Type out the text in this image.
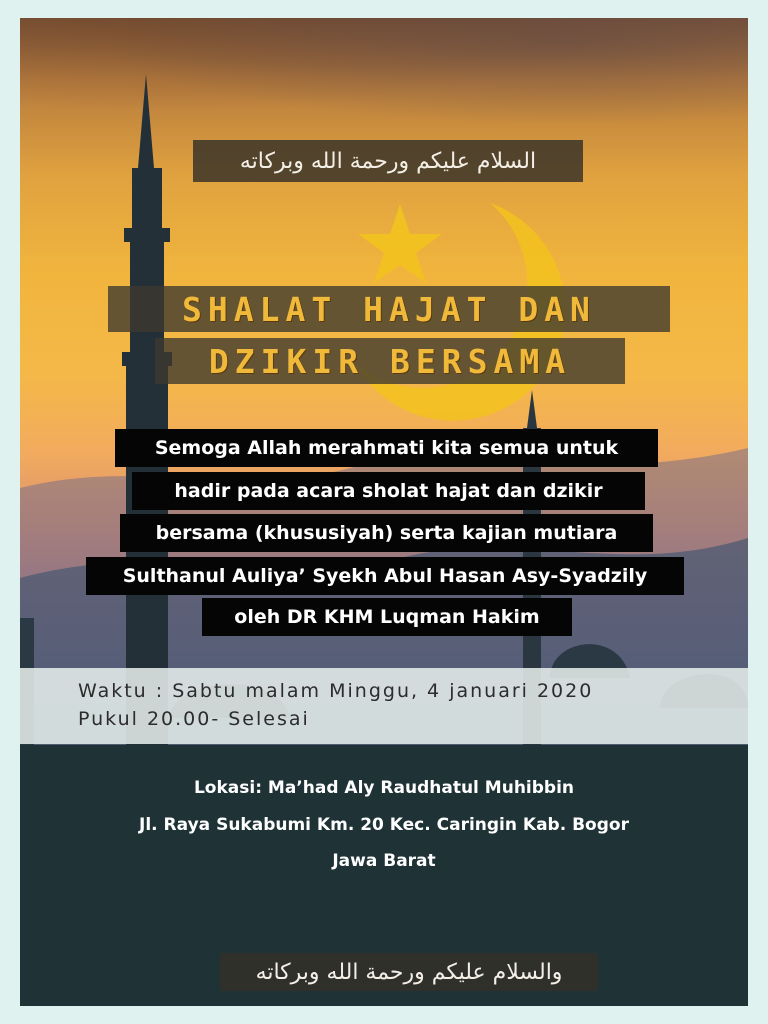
السلام عليكم ورحمة الله وبركاته
SHALAT HAJAT DAN
DZIKIR BERSAMA
Semoga Allah merahmati kita semua untuk
hadir pada acara sholat hajat dan dzikir
bersama (khususiyah) serta kajian mutiara
Sulthanul Auliya’ Syekh Abul Hasan Asy-Syadzily
oleh DR KHM Luqman Hakim
Waktu : Sabtu malam Minggu, 4 januari 2020
Pukul 20.00- Selesai
Lokasi: Ma’had Aly Raudhatul Muhibbin
Jl. Raya Sukabumi Km. 20 Kec. Caringin Kab. Bogor
Jawa Barat
والسلام عليكم ورحمة الله وبركاته
